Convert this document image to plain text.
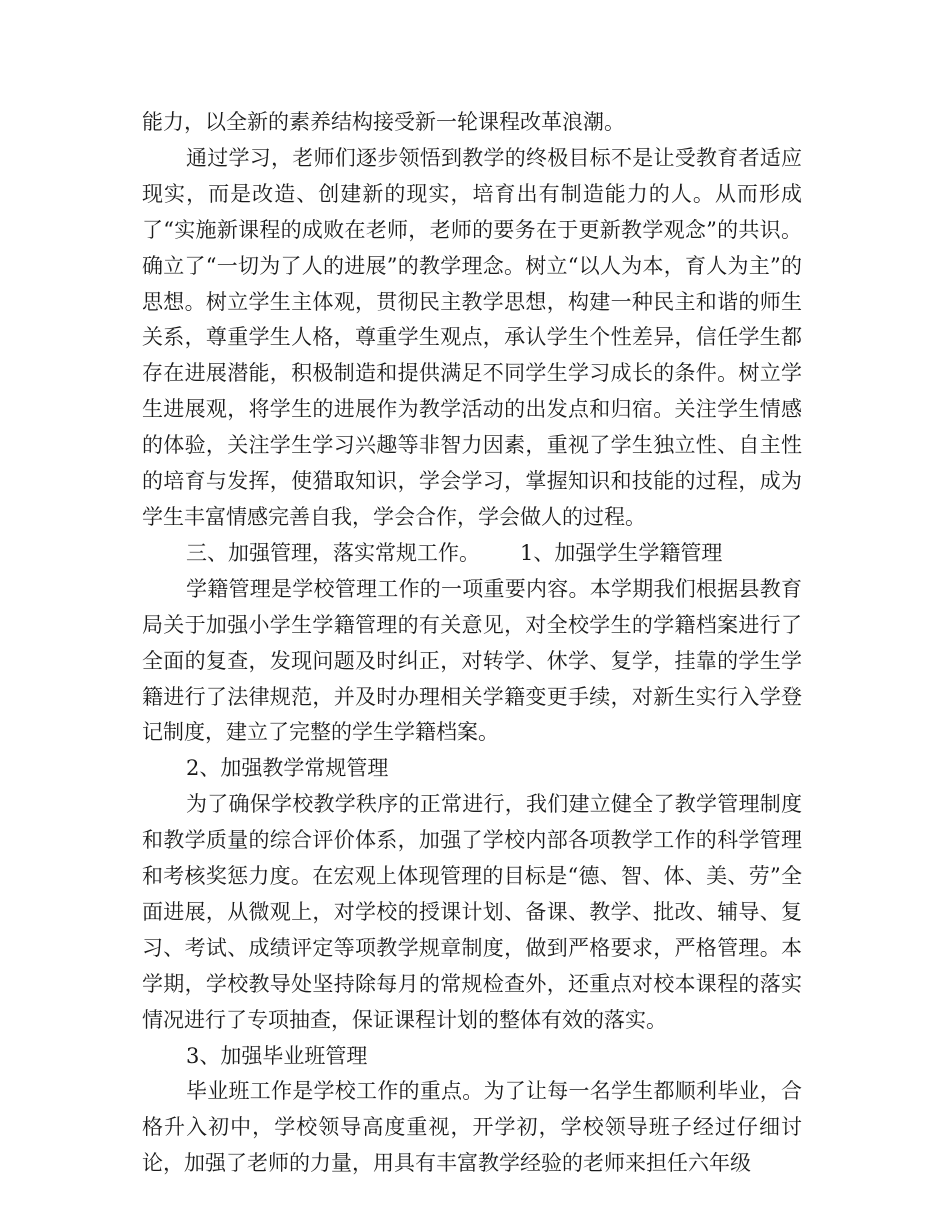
能力，以全新的素养结构接受新一轮课程改革浪潮。

通过学习，老师们逐步领悟到教学的终极目标不是让受教育者适应现实，而是改造、创建新的现实，培育出有制造能力的人。从而形成了“实施新课程的成败在老师，老师的要务在于更新教学观念”的共识。确立了“一切为了人的进展”的教学理念。树立“以人为本，育人为主”的思想。树立学生主体观，贯彻民主教学思想，构建一种民主和谐的师生关系，尊重学生人格，尊重学生观点，承认学生个性差异，信任学生都存在进展潜能，积极制造和提供满足不同学生学习成长的条件。树立学生进展观，将学生的进展作为教学活动的出发点和归宿。关注学生情感的体验，关注学生学习兴趣等非智力因素，重视了学生独立性、自主性的培育与发挥，使猎取知识，学会学习，掌握知识和技能的过程，成为学生丰富情感完善自我，学会合作，学会做人的过程。

三、加强管理，落实常规工作。 1、加强学生学籍管理

学籍管理是学校管理工作的一项重要内容。本学期我们根据县教育局关于加强小学生学籍管理的有关意见，对全校学生的学籍档案进行了全面的复查，发现问题及时纠正，对转学、休学、复学，挂靠的学生学籍进行了法律规范，并及时办理相关学籍变更手续，对新生实行入学登记制度，建立了完整的学生学籍档案。

2、加强教学常规管理

为了确保学校教学秩序的正常进行，我们建立健全了教学管理制度和教学质量的综合评价体系，加强了学校内部各项教学工作的科学管理和考核奖惩力度。在宏观上体现管理的目标是“德、智、体、美、劳”全面进展，从微观上，对学校的授课计划、备课、教学、批改、辅导、复习、考试、成绩评定等项教学规章制度，做到严格要求，严格管理。本学期，学校教导处坚持除每月的常规检查外，还重点对校本课程的落实情况进行了专项抽查，保证课程计划的整体有效的落实。

3、加强毕业班管理

毕业班工作是学校工作的重点。为了让每一名学生都顺利毕业，合格升入初中，学校领导高度重视，开学初，学校领导班子经过仔细讨论，加强了老师的力量，用具有丰富教学经验的老师来担任六年级
